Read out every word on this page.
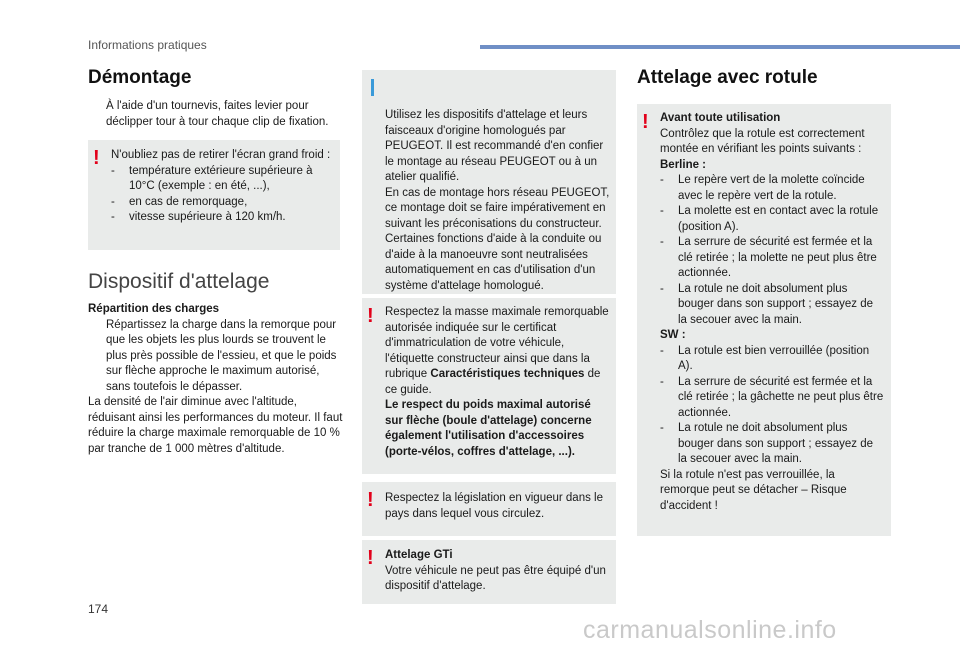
Informations pratiques
Démontage
À l'aide d'un tournevis, faites levier pour déclipper tour à tour chaque clip de fixation.
! N'oubliez pas de retirer l'écran grand froid :
-	température extérieure supérieure à 10°C (exemple : en été, ...),
-	en cas de remorquage,
-	vitesse supérieure à 120 km/h.
Dispositif d'attelage
Répartition des charges
Répartissez la charge dans la remorque pour que les objets les plus lourds se trouvent le plus près possible de l'essieu, et que le poids sur flèche approche le maximum autorisé, sans toutefois le dépasser.
La densité de l'air diminue avec l'altitude, réduisant ainsi les performances du moteur. Il faut réduire la charge maximale remorquable de 10 % par tranche de 1 000 mètres d'altitude.

Utilisez les dispositifs d'attelage et leurs faisceaux d'origine homologués par PEUGEOT. Il est recommandé d'en confier le montage au réseau PEUGEOT ou à un atelier qualifié.
En cas de montage hors réseau PEUGEOT, ce montage doit se faire impérativement en suivant les préconisations du constructeur.
Certaines fonctions d'aide à la conduite ou d'aide à la manoeuvre sont neutralisées automatiquement en cas d'utilisation d'un système d'attelage homologué.

! Respectez la masse maximale remorquable autorisée indiquée sur le certificat d'immatriculation de votre véhicule, l'étiquette constructeur ainsi que dans la rubrique Caractéristiques techniques de ce guide.
Le respect du poids maximal autorisé sur flèche (boule d'attelage) concerne également l'utilisation d'accessoires (porte-vélos, coffres d'attelage, ...).
! Respectez la législation en vigueur dans le pays dans lequel vous circulez.
! Attelage GTi
Votre véhicule ne peut pas être équipé d'un dispositif d'attelage.
Attelage avec rotule
! Avant toute utilisation
Contrôlez que la rotule est correctement montée en vérifiant les points suivants :
Berline :
-	Le repère vert de la molette coïncide avec le repère vert de la rotule.
-	La molette est en contact avec la rotule (position A).
-	La serrure de sécurité est fermée et la clé retirée ; la molette ne peut plus être actionnée.
-	La rotule ne doit absolument plus bouger dans son support ; essayez de la secouer avec la main.
SW :
-	La rotule est bien verrouillée (position A).
-	La serrure de sécurité est fermée et la clé retirée ; la gâchette ne peut plus être actionnée.
-	La rotule ne doit absolument plus bouger dans son support ; essayez de la secouer avec la main.
Si la rotule n'est pas verrouillée, la remorque peut se détacher – Risque d'accident !
174
carmanualsonline.info
